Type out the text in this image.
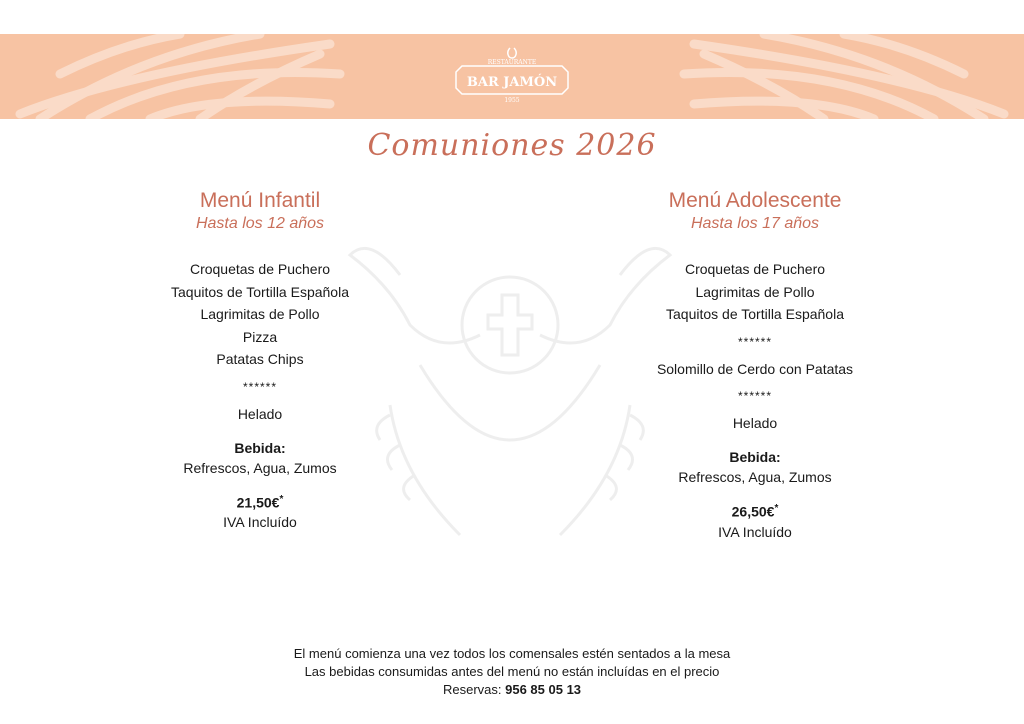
RESTAURANTE
BAR JAMÓN
1955
Comuniones 2026
Menú Infantil
Hasta los 12 años
Croquetas de Puchero
Taquitos de Tortilla Española
Lagrimitas de Pollo
Pizza
Patatas Chips
******
Helado
Bebida:
Refrescos, Agua, Zumos
21,50€*
IVA Incluído
Menú Adolescente
Hasta los 17 años
Croquetas de Puchero
Lagrimitas de Pollo
Taquitos de Tortilla Española
******
Solomillo de Cerdo con Patatas
******
Helado
Bebida:
Refrescos, Agua, Zumos
26,50€*
IVA Incluído
El menú comienza una vez todos los comensales estén sentados a la mesa
Las bebidas consumidas antes del menú no están incluídas en el precio
Reservas: 956 85 05 13
